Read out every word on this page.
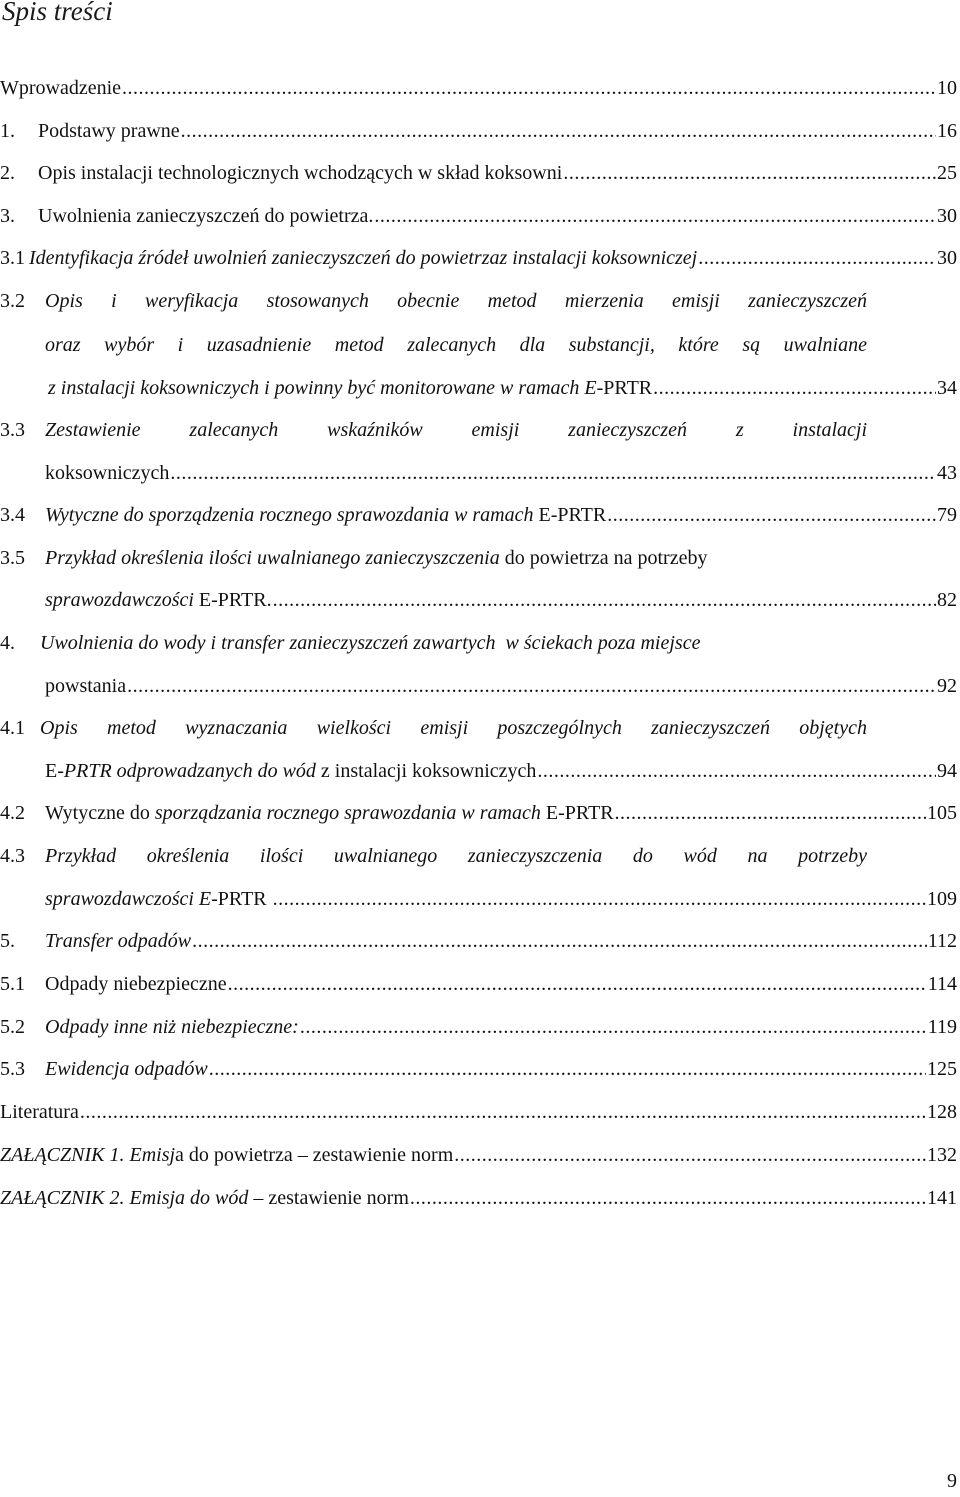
Spis treści
Wprowadzenie .....	10
1.	Podstawy prawne .....	16
2.	Opis instalacji technologicznych wchodzących w skład koksowni .....	25
3.	Uwolnienia zanieczyszczeń do powietrza. .....	30
3.1 Identyfikacja źródeł uwolnień zanieczyszczeń do powietrzaz instalacji koksowniczej .....	30
3.2 Opis i weryfikacja stosowanych obecnie metod mierzenia emisji zanieczyszczeń
oraz wybór i uzasadnienie metod zalecanych dla substancji, które są uwalniane
z instalacji koksowniczych i powinny być monitorowane w ramach E -PRTR .....	34
3.3 Zestawienie zalecanych wskaźników emisji zanieczyszczeń z instalacji
koksowniczych .....	43
3.4	Wytyczne do sporządzenia rocznego sprawozdania w ramach E-PRTR .....	79
3.5 Przykład określenia ilości uwalnianego zanieczyszczenia do powietrza na potrzeby
sprawozdawczości E-PRTR. .....	82
4. Uwolnienia do wody i transfer zanieczyszczeń zawartych  w ściekach poza miejsce
powstania .....	92
4.1 Opis metod wyznaczania wielkości emisji poszczególnych zanieczyszczeń objętych
E- PRTR odprowadzanych do wód z instalacji koksowniczych .....	94
4.2	Wytyczne do sporządzania rocznego sprawozdania w ramach E-PRTR .....	105
4.3 Przykład określenia ilości uwalnianego zanieczyszczenia do wód na potrzeby
sprawozdawczości E -PRTR .....	109
5.	Transfer odpadów .....	112
5.1	Odpady niebezpieczne .....	114
5.2	Odpady inne niż niebezpieczne: .....	119
5.3	Ewidencja odpadów .....	125
Literatura .....	128
ZAŁĄCZNIK 1. Emisj a do powietrza – zestawienie norm .....	132
ZAŁĄCZNIK 2. Emisja do wód – zestawienie norm .....	141
9
